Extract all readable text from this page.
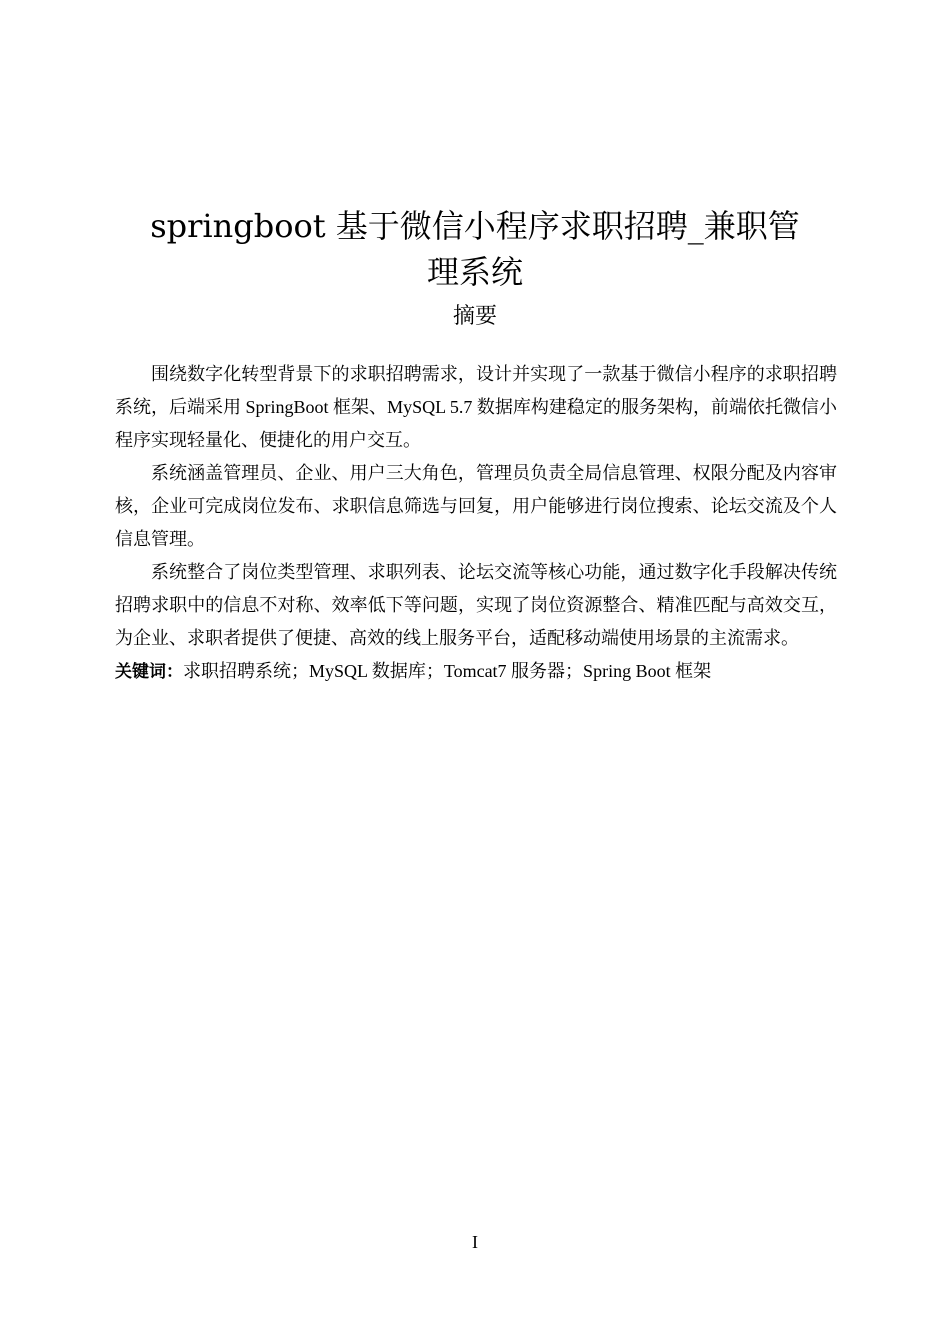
springboot 基于微信小程序求职招聘_兼职管
理系统
摘要

围绕数字化转型背景下的求职招聘需求，设计并实现了一款基于微信小程序的求职招聘系统，后端采用 SpringBoot 框架、MySQL 5.7 数据库构建稳定的服务架构，前端依托微信小程序实现轻量化、便捷化的用户交互。

系统涵盖管理员、企业、用户三大角色，管理员负责全局信息管理、权限分配及内容审核，企业可完成岗位发布、求职信息筛选与回复，用户能够进行岗位搜索、论坛交流及个人信息管理。

系统整合了岗位类型管理、求职列表、论坛交流等核心功能，通过数字化手段解决传统招聘求职中的信息不对称、效率低下等问题，实现了岗位资源整合、精准匹配与高效交互，为企业、求职者提供了便捷、高效的线上服务平台，适配移动端使用场景的主流需求。

关键词：求职招聘系统；MySQL 数据库；Tomcat7 服务器；Spring Boot 框架

I
